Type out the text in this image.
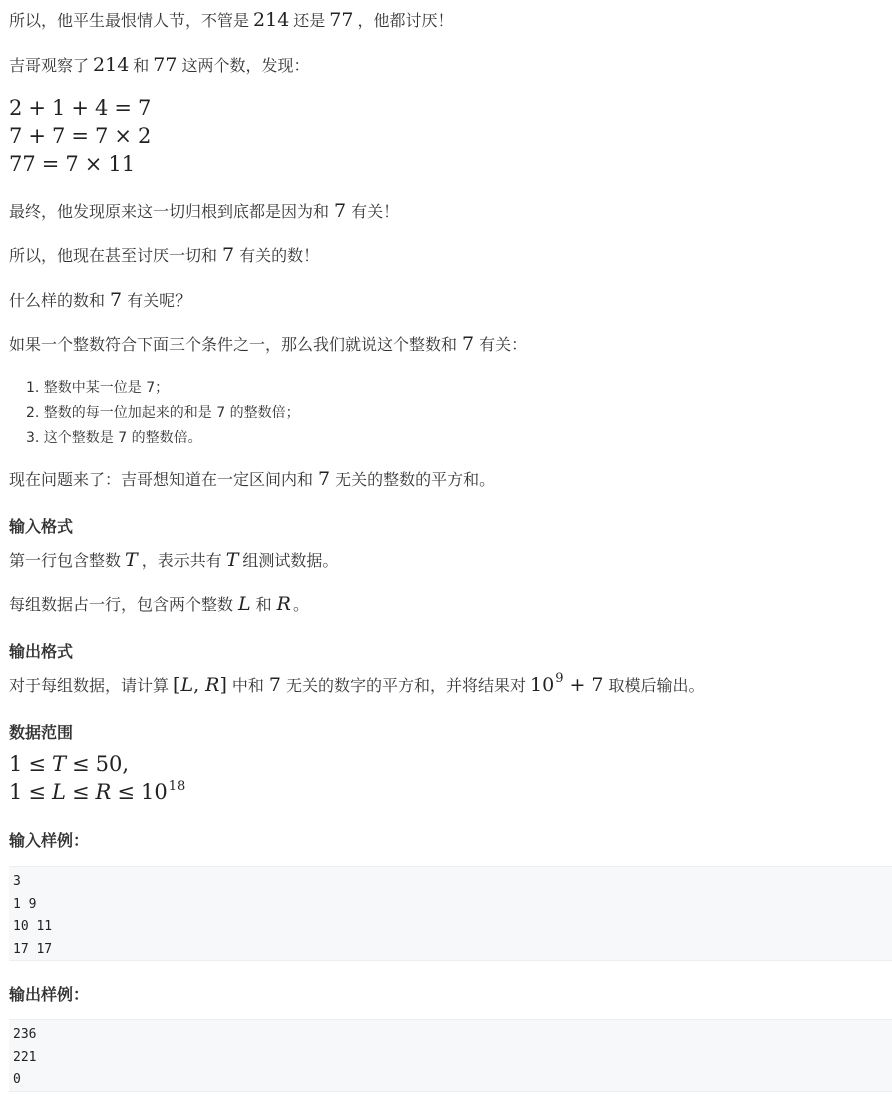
所以，他平生最恨情人节，不管是 214 还是 77 ，他都讨厌！
吉哥观察了 214 和 77 这两个数，发现：
2 + 1 + 4 = 7
7 + 7 = 7 × 2
77 = 7 × 11
最终，他发现原来这一切归根到底都是因为和 7 有关！
所以，他现在甚至讨厌一切和 7 有关的数！
什么样的数和 7 有关呢？
如果一个整数符合下面三个条件之一，那么我们就说这个整数和 7 有关：
1. 整数中某一位是 7；
2. 整数的每一位加起来的和是 7 的整数倍；
3. 这个整数是 7 的整数倍。
现在问题来了：吉哥想知道在一定区间内和 7 无关的整数的平方和。
输入格式
第一行包含整数 T ，表示共有 T 组测试数据。
每组数据占一行，包含两个整数 L 和 R 。
输出格式
对于每组数据，请计算 [L, R] 中和 7 无关的数字的平方和，并将结果对 $10^9 + 7$ 取模后输出。
数据范围
1 ≤ T ≤ 50,
$1 \le L \le R \le 10^{18}$
输入样例：
3
1 9
10 11
17 17
输出样例：
236
221
0
